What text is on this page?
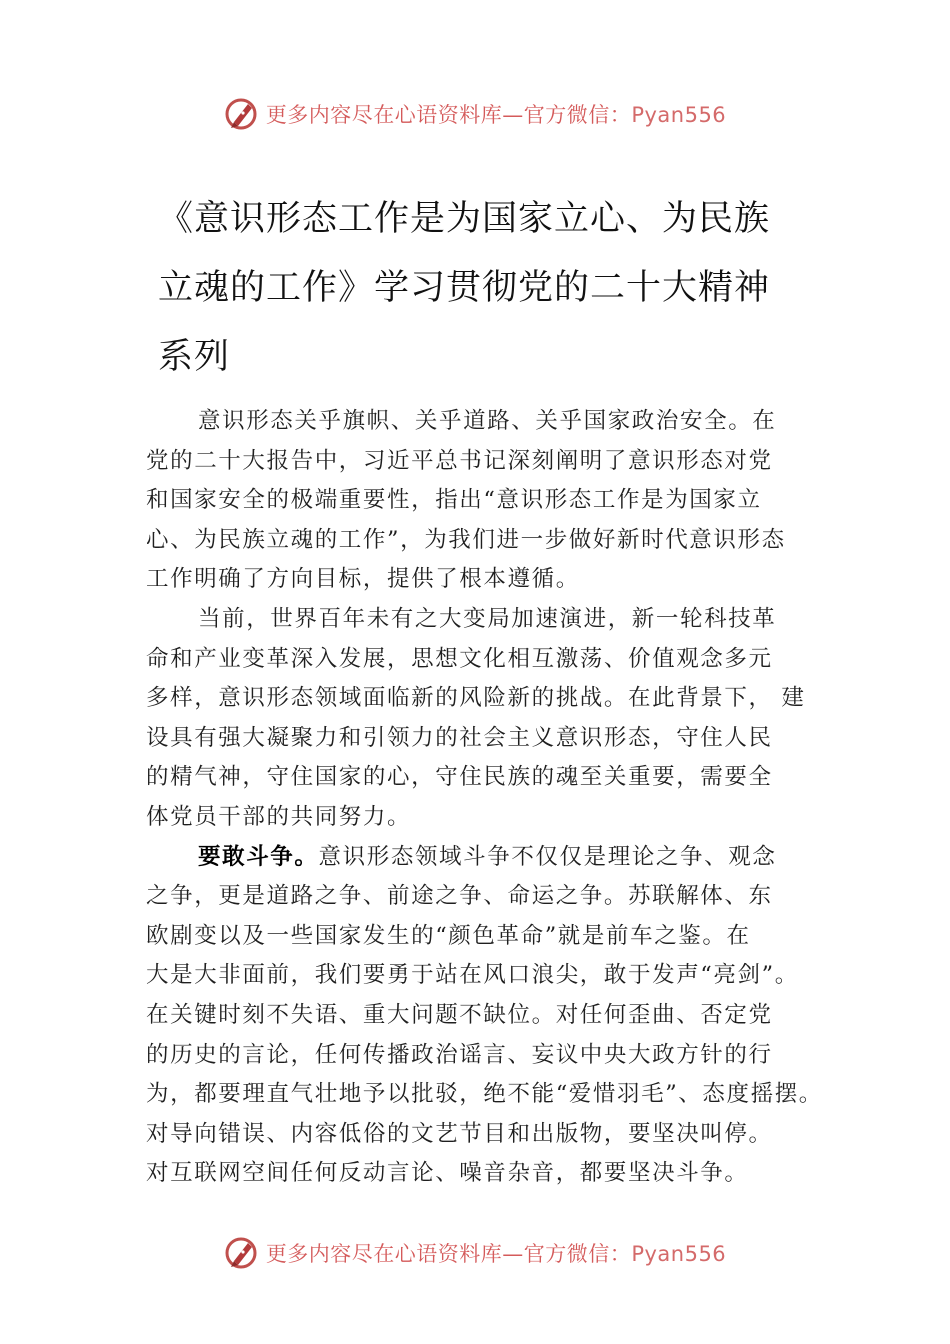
更多内容尽在心语资料库—官方微信：Pyan556
《意识形态工作是为国家立心、为民族
立魂的工作》学习贯彻党的二十大精神
系列
意识形态关乎旗帜、关乎道路、关乎国家政治安全。在
党的二十大报告中，习近平总书记深刻阐明了意识形态对党
和国家安全的极端重要性，指出“意识形态工作是为国家立
心、为民族立魂的工作”，为我们进一步做好新时代意识形态
工作明确了方向目标，提供了根本遵循。
当前，世界百年未有之大变局加速演进，新一轮科技革
命和产业变革深入发展，思想文化相互激荡、价值观念多元
多样，意识形态领域面临新的风险新的挑战。在此背景下， 建
设具有强大凝聚力和引领力的社会主义意识形态，守住人民
的精气神，守住国家的心，守住民族的魂至关重要，需要全
体党员干部的共同努力。
要敢斗争。意识形态领域斗争不仅仅是理论之争、观念
之争，更是道路之争、前途之争、命运之争。苏联解体、东
欧剧变以及一些国家发生的“颜色革命”就是前车之鉴。在
大是大非面前，我们要勇于站在风口浪尖，敢于发声“亮剑”。
在关键时刻不失语、重大问题不缺位。对任何歪曲、否定党
的历史的言论，任何传播政治谣言、妄议中央大政方针的行
为，都要理直气壮地予以批驳，绝不能“爱惜羽毛”、态度摇摆。
对导向错误、内容低俗的文艺节目和出版物，要坚决叫停。
对互联网空间任何反动言论、噪音杂音，都要坚决斗争。
更多内容尽在心语资料库—官方微信：Pyan556
